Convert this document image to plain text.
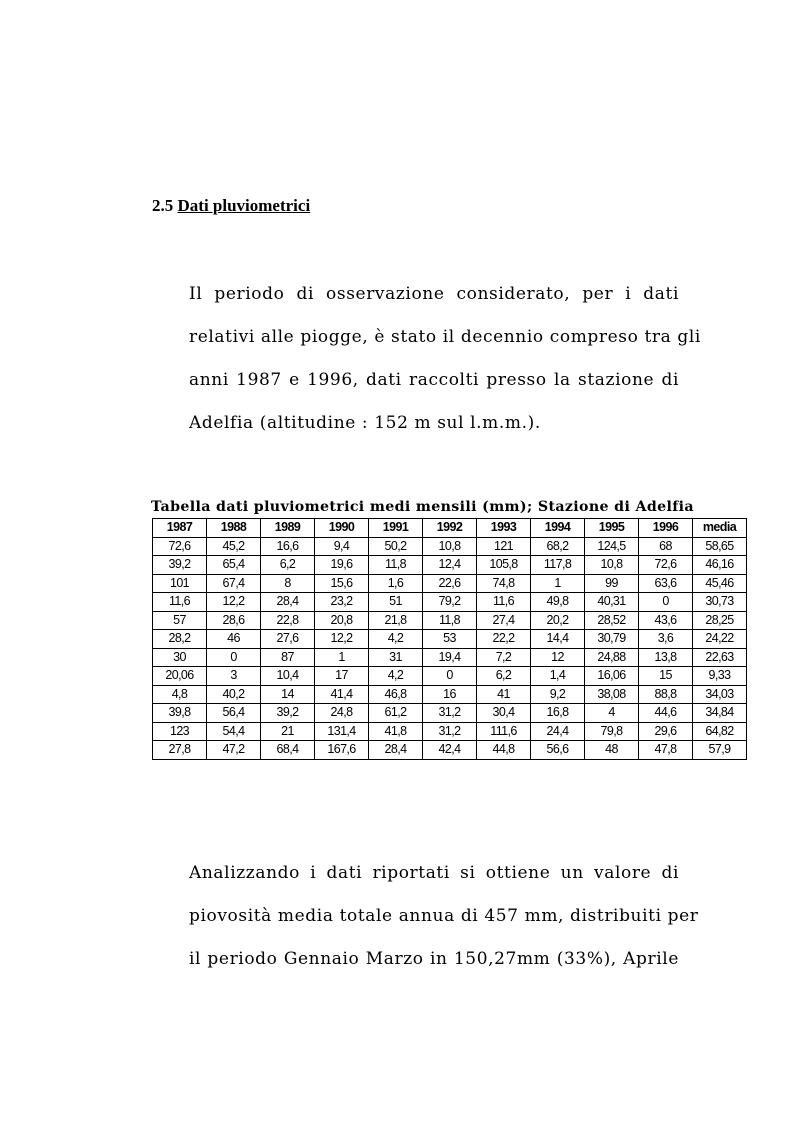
2.5 Dati pluviometrici
Il periodo di osservazione considerato, per i dati
relativi alle piogge, è stato il decennio compreso tra gli
anni 1987 e 1996, dati raccolti presso la stazione di
Adelfia (altitudine : 152 m sul l.m.m.).
Tabella dati pluviometrici medi mensili (mm); Stazione di Adelfia
1987	1988	1989	1990	1991	1992	1993	1994	1995	1996	media
72,6	45,2	16,6	9,4	50,2	10,8	121	68,2	124,5	68	58,65
39,2	65,4	6,2	19,6	11,8	12,4	105,8	117,8	10,8	72,6	46,16
101	67,4	8	15,6	1,6	22,6	74,8	1	99	63,6	45,46
11,6	12,2	28,4	23,2	51	79,2	11,6	49,8	40,31	0	30,73
57	28,6	22,8	20,8	21,8	11,8	27,4	20,2	28,52	43,6	28,25
28,2	46	27,6	12,2	4,2	53	22,2	14,4	30,79	3,6	24,22
30	0	87	1	31	19,4	7,2	12	24,88	13,8	22,63
20,06	3	10,4	17	4,2	0	6,2	1,4	16,06	15	9,33
4,8	40,2	14	41,4	46,8	16	41	9,2	38,08	88,8	34,03
39,8	56,4	39,2	24,8	61,2	31,2	30,4	16,8	4	44,6	34,84
123	54,4	21	131,4	41,8	31,2	111,6	24,4	79,8	29,6	64,82
27,8	47,2	68,4	167,6	28,4	42,4	44,8	56,6	48	47,8	57,9
Analizzando i dati riportati si ottiene un valore di
piovosità media totale annua di 457 mm, distribuiti per
il periodo Gennaio Marzo in 150,27mm (33%), Aprile
